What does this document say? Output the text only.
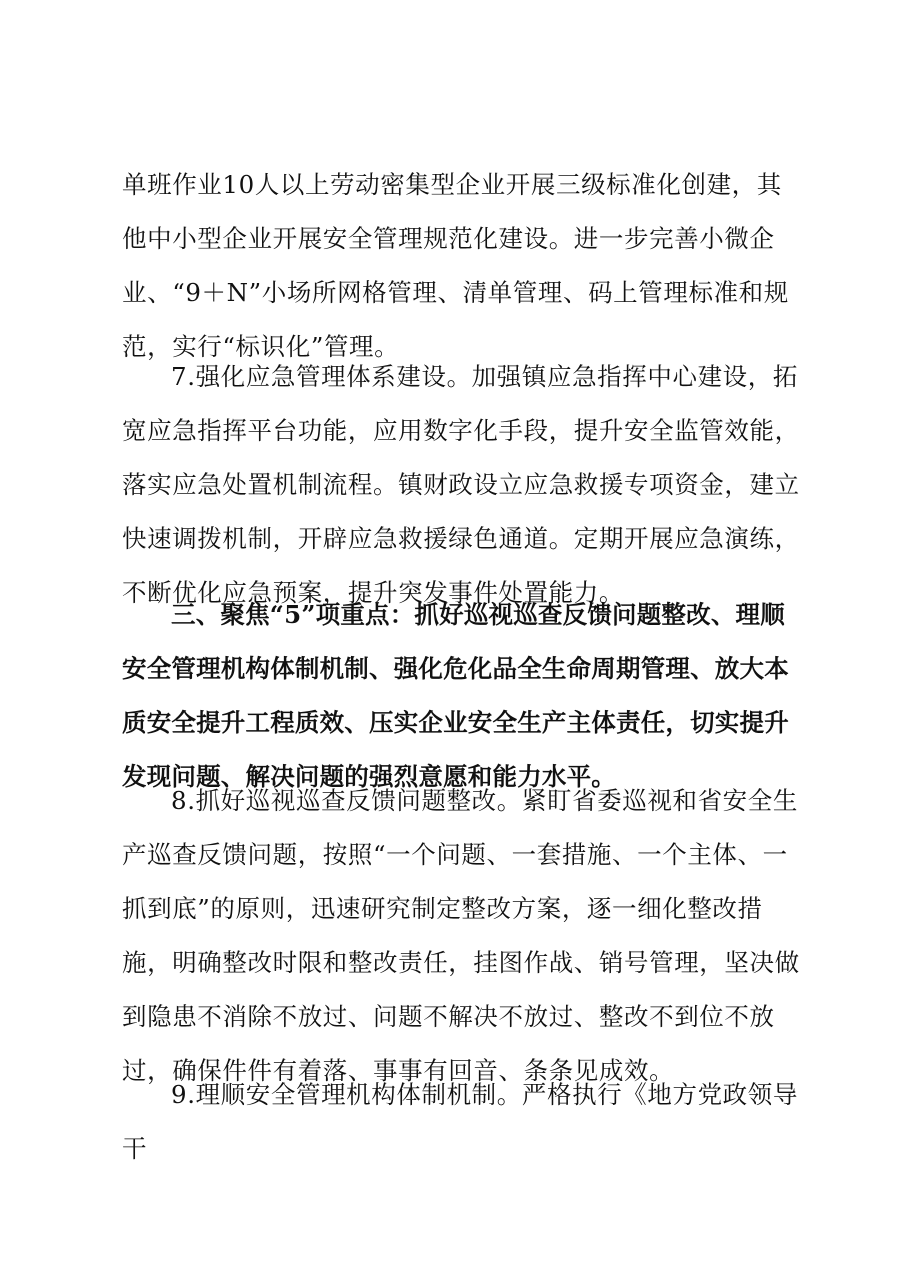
单班作业10人以上劳动密集型企业开展三级标准化创建，其他中小型企业开展安全管理规范化建设。进一步完善小微企业、“9＋N”小场所网格管理、清单管理、码上管理标准和规范，实行“标识化”管理。

7.强化应急管理体系建设。加强镇应急指挥中心建设，拓宽应急指挥平台功能，应用数字化手段，提升安全监管效能，落实应急处置机制流程。镇财政设立应急救援专项资金，建立快速调拨机制，开辟应急救援绿色通道。定期开展应急演练，不断优化应急预案，提升突发事件处置能力。

三、聚焦“5”项重点：抓好巡视巡查反馈问题整改、理顺安全管理机构体制机制、强化危化品全生命周期管理、放大本质安全提升工程质效、压实企业安全生产主体责任，切实提升发现问题、解决问题的强烈意愿和能力水平。

8.抓好巡视巡查反馈问题整改。紧盯省委巡视和省安全生产巡查反馈问题，按照“一个问题、一套措施、一个主体、一抓到底”的原则，迅速研究制定整改方案，逐一细化整改措施，明确整改时限和整改责任，挂图作战、销号管理，坚决做到隐患不消除不放过、问题不解决不放过、整改不到位不放过，确保件件有着落、事事有回音、条条见成效。

9.理顺安全管理机构体制机制。严格执行《地方党政领导干
